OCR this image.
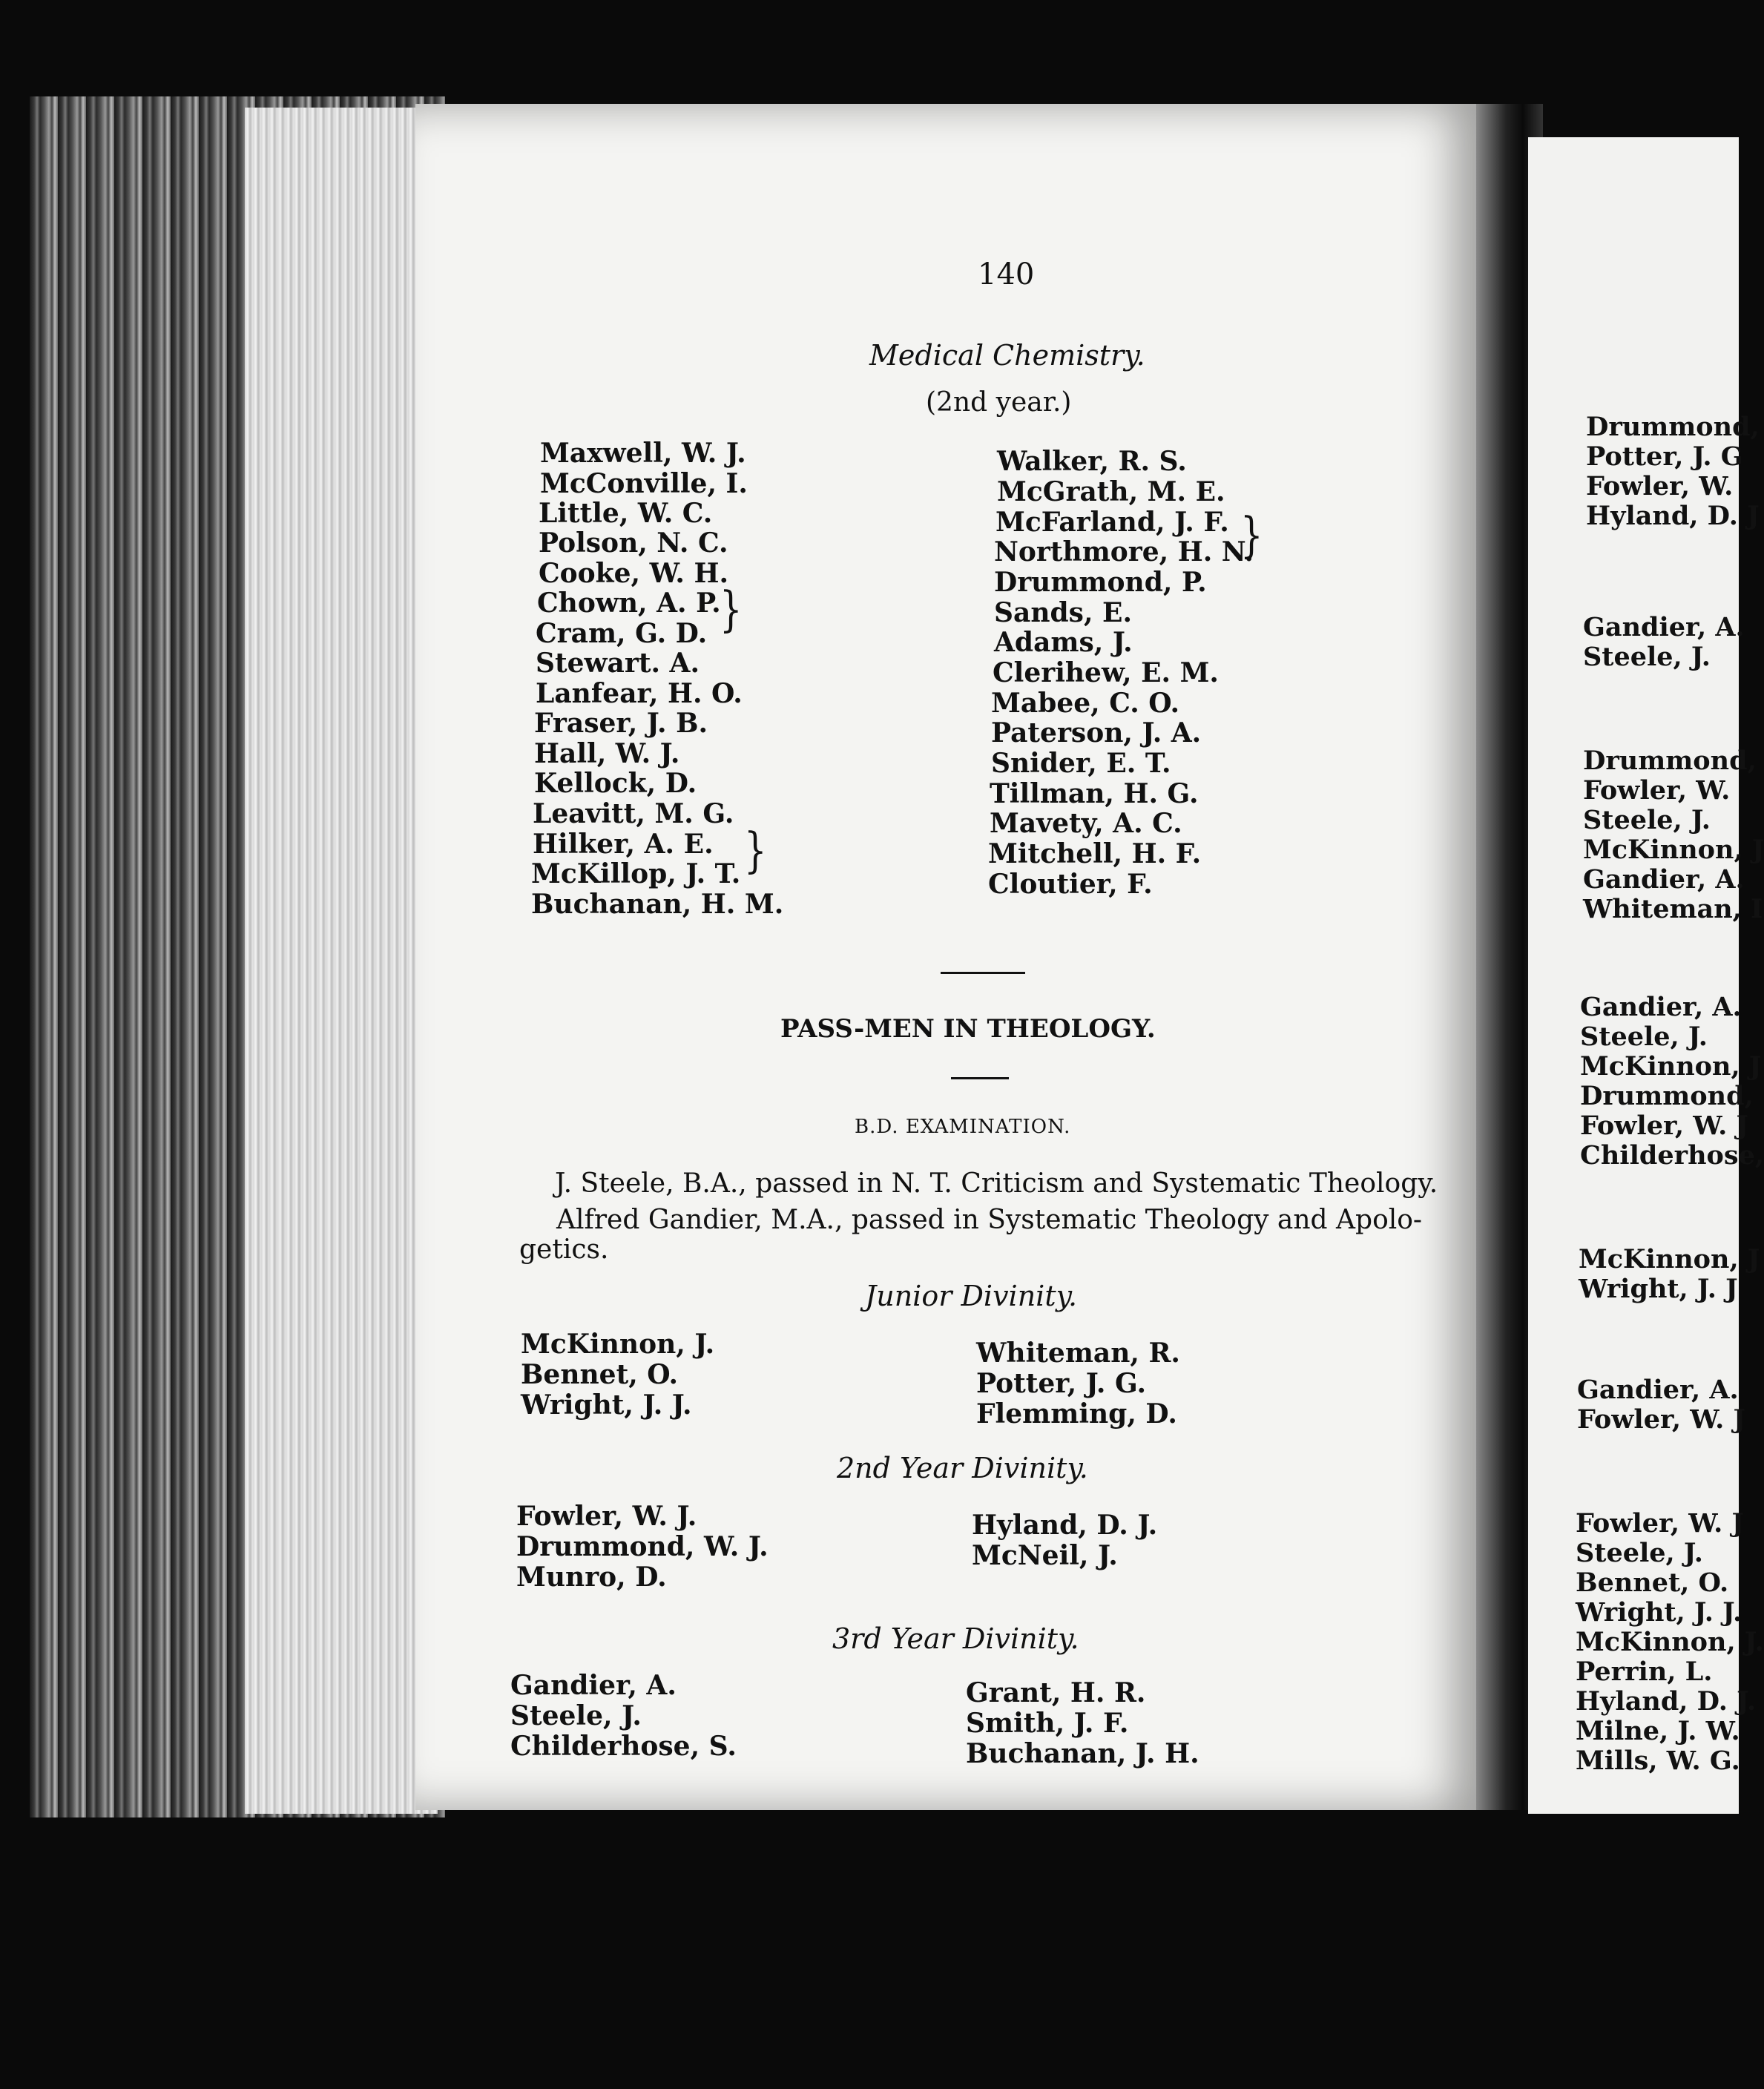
140
Medical Chemistry.
(2nd year.)
Maxwell, W. J.
McConville, I.
Little, W. C.
Polson, N. C.
Cooke, W. H.
Chown, A. P.
Cram, G. D.
Stewart. A.
Lanfear, H. O.
Fraser, J. B.
Hall, W. J.
Kellock, D.
Leavitt, M. G.
Hilker, A. E.
McKillop, J. T.
Buchanan, H. M.
}
}
Walker, R. S.
McGrath, M. E.
McFarland, J. F.
Northmore, H. N.
Drummond, P.
Sands, E.
Adams, J.
Clerihew, E. M.
Mabee, C. O.
Paterson, J. A.
Snider, E. T.
Tillman, H. G.
Mavety, A. C.
Mitchell, H. F.
Cloutier, F.
}
PASS-MEN IN THEOLOGY.
B.D. EXAMINATION.
J. Steele, B.A., passed in N. T. Criticism and Systematic Theology.
Alfred Gandier, M.A., passed in Systematic Theology and Apolo-
getics.
Junior Divinity.
McKinnon, J.
Bennet, O.
Wright, J. J.
Whiteman, R.
Potter, J. G.
Flemming, D.
2nd Year Divinity.
Fowler, W. J.
Drummond, W. J.
Munro, D.
Hyland, D. J.
McNeil, J.
3rd Year Divinity.
Gandier, A.
Steele, J.
Childerhose, S.
Grant, H. R.
Smith, J. F.
Buchanan, J. H.
Drummond,
Potter, J. G
Fowler, W.
Hyland, D. J
Gandier, A.
Steele, J.
Drummond,
Fowler, W.
Steele, J.
McKinnon, J
Gandier, A.
Whiteman, I
Gandier, A.
Steele, J.
McKinnon, J
Drummond,
Fowler, W. J
Childerhose,
McKinnon, J
Wright, J. J
Gandier, A.
Fowler, W. J
Fowler, W. J
Steele, J.
Bennet, O.
Wright, J. J.
McKinnon, J.
Perrin, L.
Hyland, D. J.
Milne, J. W.
Mills, W. G.
